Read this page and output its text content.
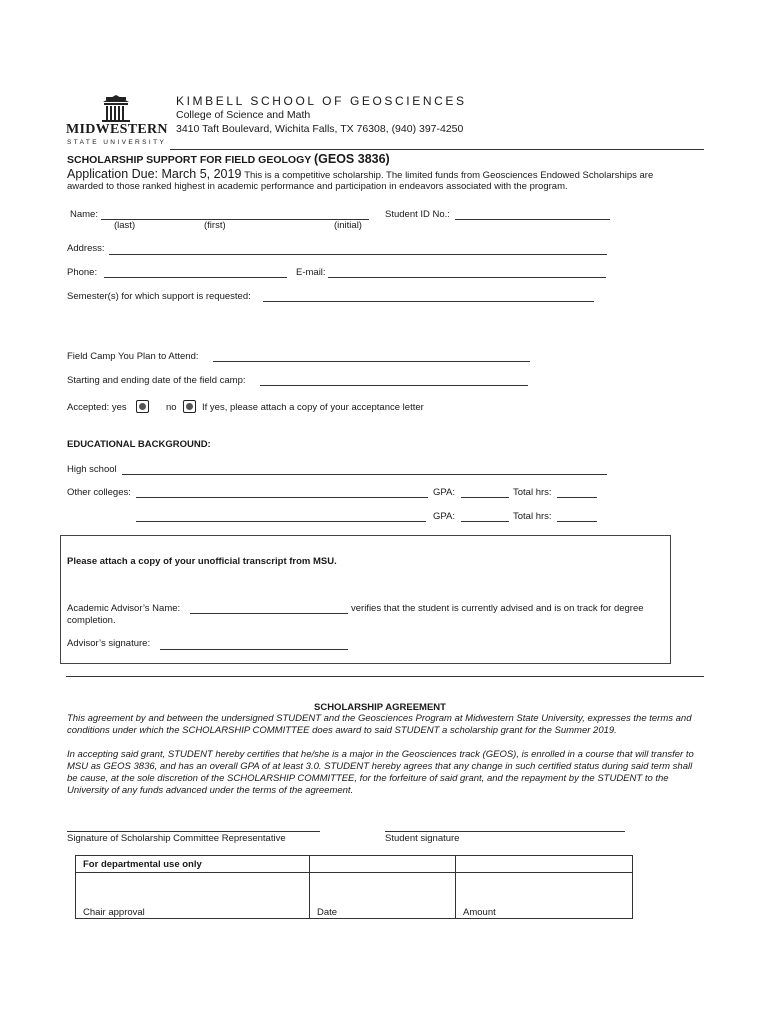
MIDWESTERN
STATE UNIVERSITY
KIMBELL SCHOOL OF GEOSCIENCES
College of Science and Math
3410 Taft Boulevard, Wichita Falls, TX 76308, (940) 397-4250
SCHOLARSHIP SUPPORT FOR FIELD GEOLOGY (GEOS 3836)
Application Due: March 5, 2019 This is a competitive scholarship. The limited funds from Geosciences Endowed Scholarships are
awarded to those ranked highest in academic performance and participation in endeavors associated with the program.
Name:
(last)	(first)	(initial)
Student ID No.:
Address:
Phone:	E-mail:
Semester(s) for which support is requested:
Field Camp You Plan to Attend:
Starting and ending date of the field camp:
Accepted: yes	no	If yes, please attach a copy of your acceptance letter
EDUCATIONAL BACKGROUND:
High school
Other colleges:	GPA:	Total hrs:
GPA:	Total hrs:
Please attach a copy of your unofficial transcript from MSU.
Academic Advisor’s Name:	verifies that the student is currently advised and is on track for degree
completion.
Advisor’s signature:
SCHOLARSHIP AGREEMENT
This agreement by and between the undersigned STUDENT and the Geosciences Program at Midwestern State University, expresses the terms and conditions under which the SCHOLARSHIP COMMITTEE does award to said STUDENT a scholarship grant for the Summer 2019.
In accepting said grant, STUDENT hereby certifies that he/she is a major in the Geosciences track (GEOS), is enrolled in a course that will transfer to MSU as GEOS 3836, and has an overall GPA of at least 3.0. STUDENT hereby agrees that any change in such certified status during said term shall be cause, at the sole discretion of the SCHOLARSHIP COMMITTEE, for the forfeiture of said grant, and the repayment by the STUDENT to the University of any funds advanced under the terms of the agreement.
Signature of Scholarship Committee Representative	Student signature
For departmental use only		
Chair approval	Date	Amount
